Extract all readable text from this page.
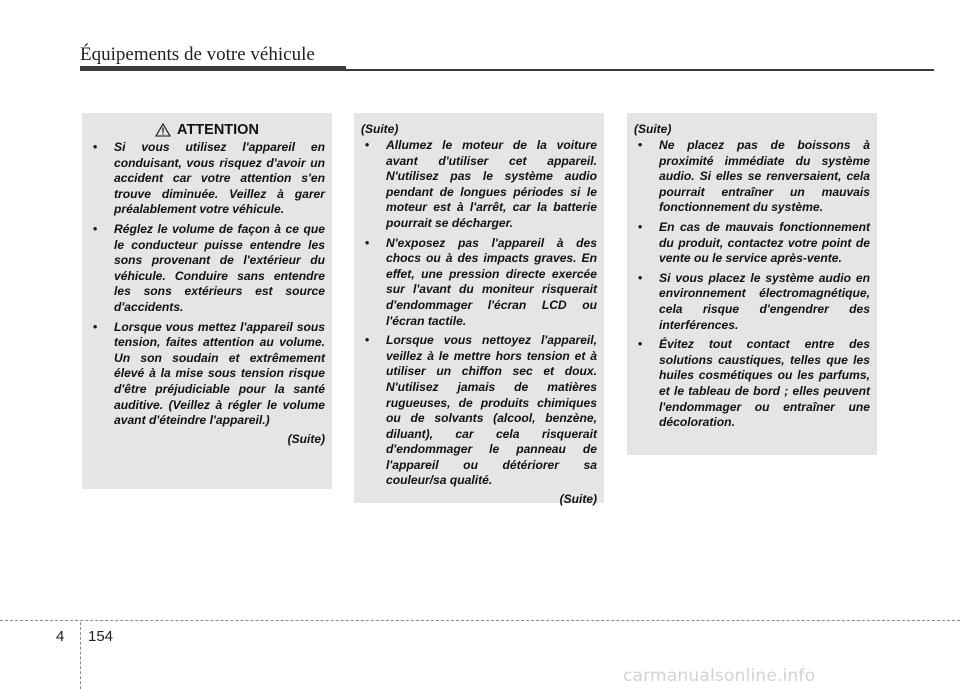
Équipements de votre véhicule
ATTENTION
• Si vous utilisez l'appareil en conduisant, vous risquez d'avoir un accident car votre attention s'en trouve diminuée. Veillez à garer préalablement votre véhicule.
• Réglez le volume de façon à ce que le conducteur puisse entendre les sons provenant de l'extérieur du véhicule. Conduire sans entendre les sons extérieurs est source d'accidents.
• Lorsque vous mettez l'appareil sous tension, faites attention au volume. Un son soudain et extrêmement élevé à la mise sous tension risque d'être préjudiciable pour la santé auditive. (Veillez à régler le volume avant d'éteindre l'appareil.)
(Suite)
(Suite)
• Allumez le moteur de la voiture avant d'utiliser cet appareil. N'utilisez pas le système audio pendant de longues périodes si le moteur est à l'arrêt, car la batterie pourrait se décharger.
• N'exposez pas l'appareil à des chocs ou à des impacts graves. En effet, une pression directe exercée sur l'avant du moniteur risquerait d'endommager l'écran LCD ou l'écran tactile.
• Lorsque vous nettoyez l'appareil, veillez à le mettre hors tension et à utiliser un chiffon sec et doux. N'utilisez jamais de matières rugueuses, de produits chimiques ou de solvants (alcool, benzène, diluant), car cela risquerait d'endommager le panneau de l'appareil ou détériorer sa couleur/sa qualité.
(Suite)
(Suite)
• Ne placez pas de boissons à proximité immédiate du système audio. Si elles se renversaient, cela pourrait entraîner un mauvais fonctionnement du système.
• En cas de mauvais fonctionnement du produit, contactez votre point de vente ou le service après-vente.
• Si vous placez le système audio en environnement électromagnétique, cela risque d'engendrer des interférences.
• Évitez tout contact entre des solutions caustiques, telles que les huiles cosmétiques ou les parfums, et le tableau de bord ; elles peuvent l'endommager ou entraîner une décoloration.
4 154
carmanualsonline.info
